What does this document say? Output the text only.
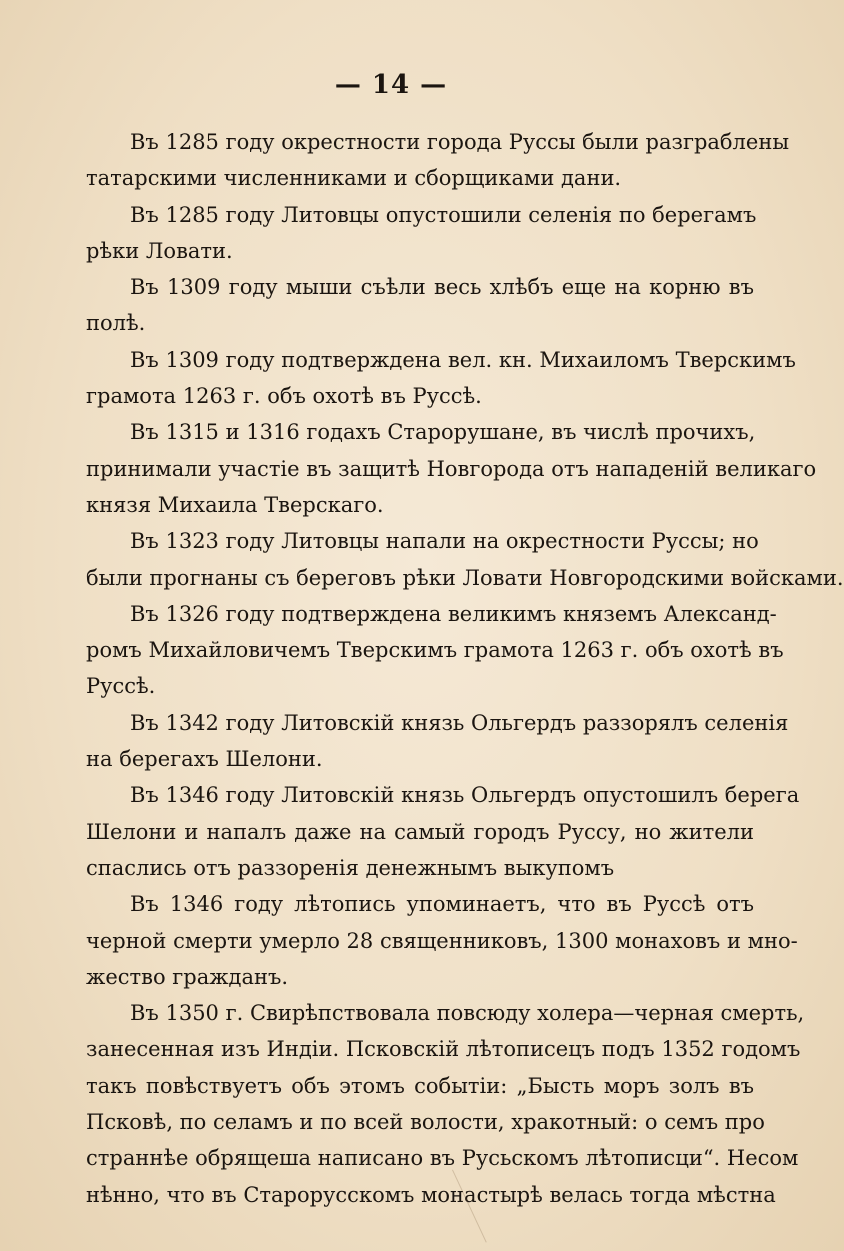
— 14 —
Въ 1285 году окрестности города Руссы были разграблены
татарскими численниками и сборщиками дани.
Въ 1285 году Литовцы опустошили селенія по берегамъ
рѣки Ловати.
Въ 1309 году мыши съѣли весь хлѣбъ еще на корню въ
полѣ.
Въ 1309 году подтверждена вел. кн. Михаиломъ Тверскимъ
грамота 1263 г. объ охотѣ въ Руссѣ.
Въ 1315 и 1316 годахъ Старорушане, въ числѣ прочихъ,
принимали участіе въ защитѣ Новгорода отъ нападеній великаго
князя Михаила Тверскаго.
Въ 1323 году Литовцы напали на окрестности Руссы; но
были прогнаны съ береговъ рѣки Ловати Новгородскими войсками.
Въ 1326 году подтверждена великимъ княземъ Александ-
ромъ Михайловичемъ Тверскимъ грамота 1263 г. объ охотѣ въ
Руссѣ.
Въ 1342 году Литовскій князь Ольгердъ раззорялъ селенія
на берегахъ Шелони.
Въ 1346 году Литовскій князь Ольгердъ опустошилъ берега
Шелони и напалъ даже на самый городъ Руссу, но жители
спаслись отъ раззоренія денежнымъ выкупомъ
Въ 1346 году лѣтопись упоминаетъ, что въ Руссѣ отъ
черной смерти умерло 28 священниковъ, 1300 монаховъ и мно-
жество гражданъ.
Въ 1350 г. Свирѣпствовала повсюду холера—черная смерть,
занесенная изъ Индіи. Псковскій лѣтописецъ подъ 1352 годомъ
такъ повѣствуетъ объ этомъ событіи: „Бысть моръ золъ въ
Псковѣ, по селамъ и по всей волости, хракотный: о семъ про
страннѣе обрящеша написано въ Русьскомъ лѣтописци“. Несом
нѣнно, что въ Старорусскомъ монастырѣ велась тогда мѣстна
